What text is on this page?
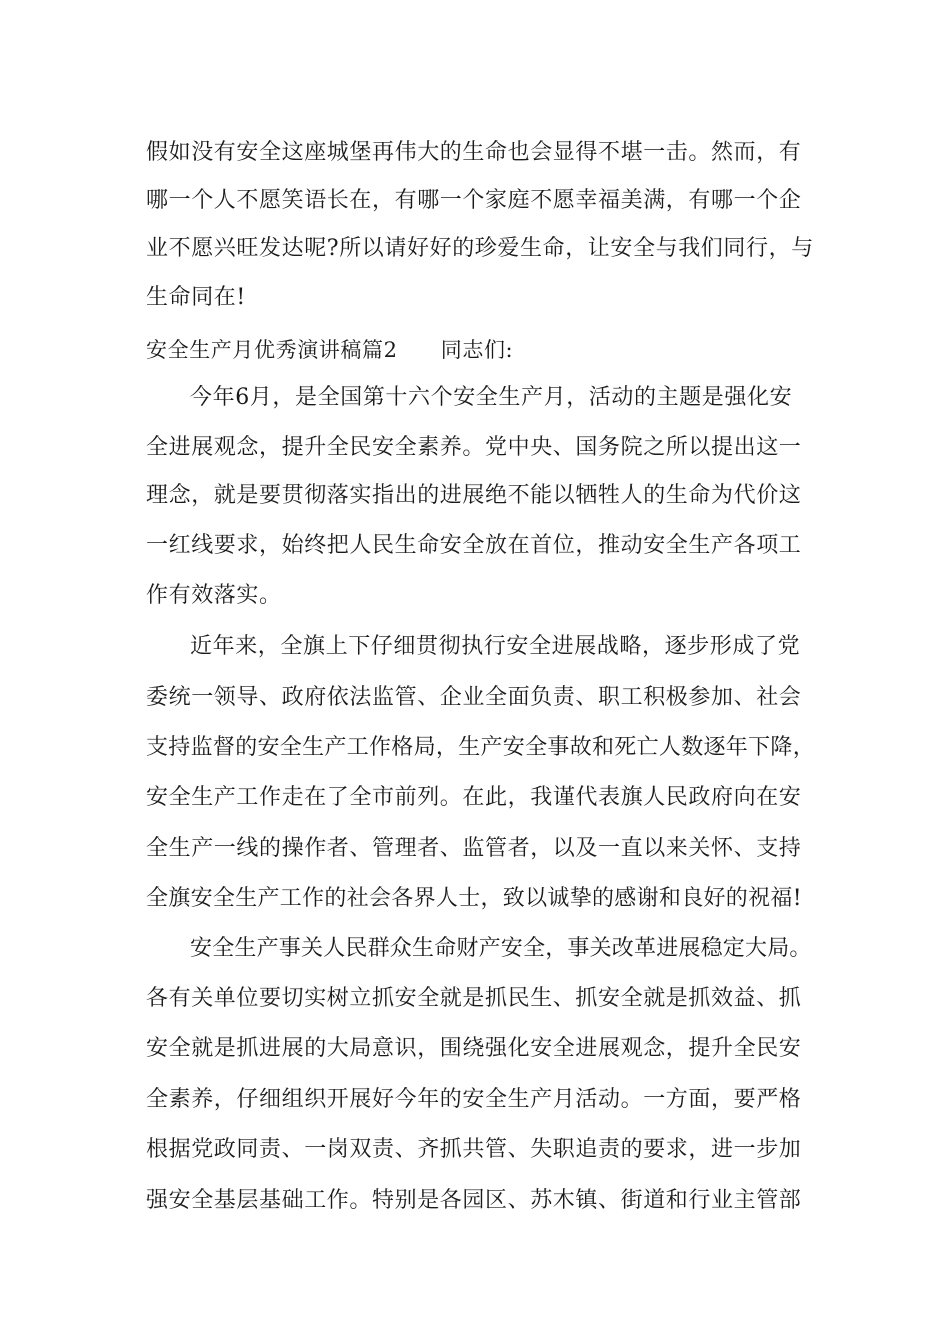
假如没有安全这座城堡再伟大的生命也会显得不堪一击。然而，有
哪一个人不愿笑语长在，有哪一个家庭不愿幸福美满，有哪一个企
业不愿兴旺发达呢?所以请好好的珍爱生命，让安全与我们同行，与
生命同在!
安全生产月优秀演讲稿篇2　　同志们:
今年6月，是全国第十六个安全生产月，活动的主题是强化安
全进展观念，提升全民安全素养。党中央、国务院之所以提出这一
理念，就是要贯彻落实指出的进展绝不能以牺牲人的生命为代价这
一红线要求，始终把人民生命安全放在首位，推动安全生产各项工
作有效落实。
近年来，全旗上下仔细贯彻执行安全进展战略，逐步形成了党
委统一领导、政府依法监管、企业全面负责、职工积极参加、社会
支持监督的安全生产工作格局，生产安全事故和死亡人数逐年下降，
安全生产工作走在了全市前列。在此，我谨代表旗人民政府向在安
全生产一线的操作者、管理者、监管者，以及一直以来关怀、支持
全旗安全生产工作的社会各界人士，致以诚挚的感谢和良好的祝福!
安全生产事关人民群众生命财产安全，事关改革进展稳定大局。
各有关单位要切实树立抓安全就是抓民生、抓安全就是抓效益、抓
安全就是抓进展的大局意识，围绕强化安全进展观念，提升全民安
全素养，仔细组织开展好今年的安全生产月活动。一方面，要严格
根据党政同责、一岗双责、齐抓共管、失职追责的要求，进一步加
强安全基层基础工作。特别是各园区、苏木镇、街道和行业主管部
